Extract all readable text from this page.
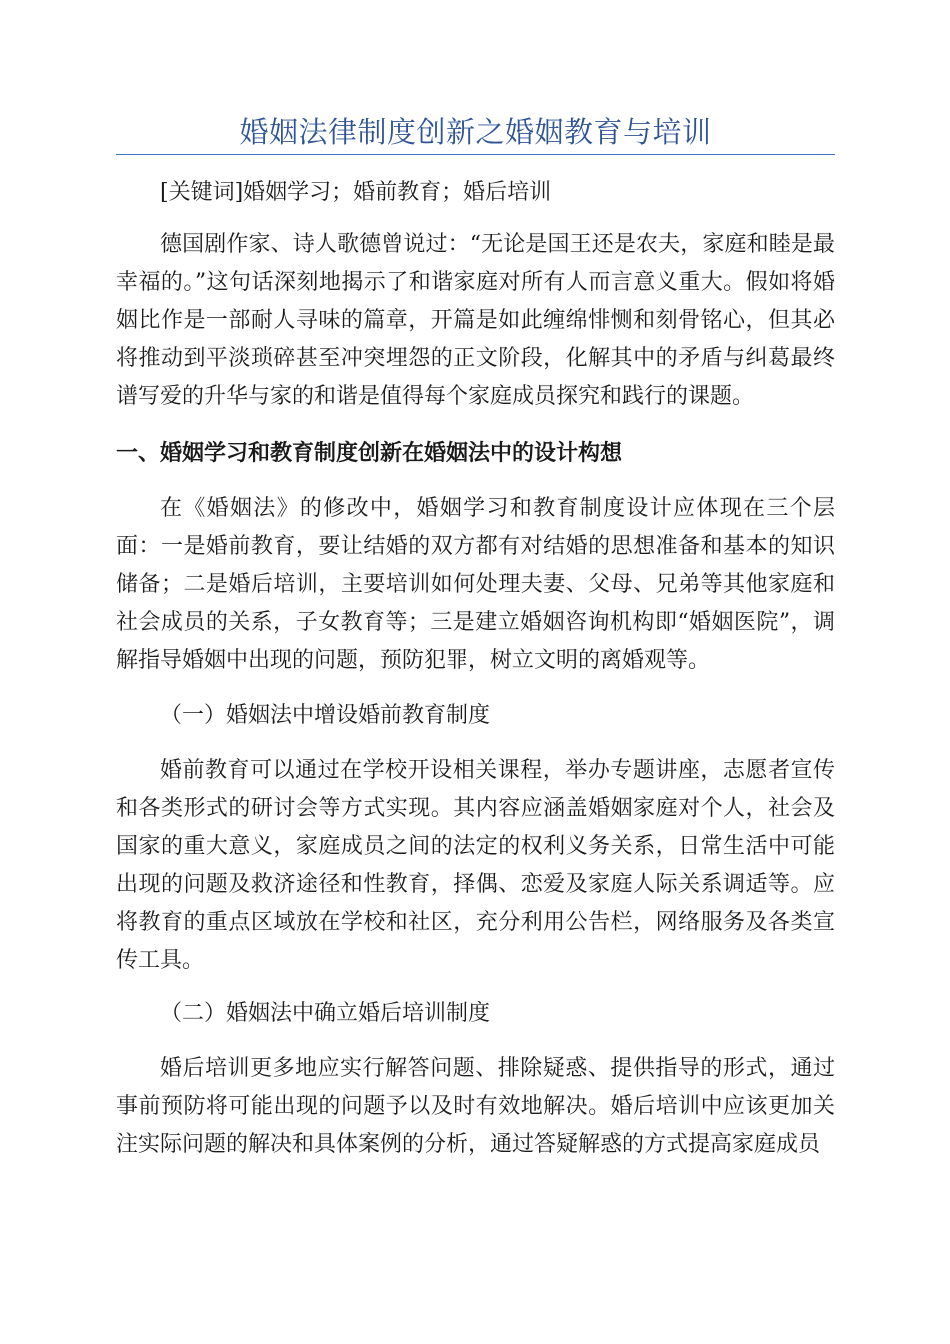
婚姻法律制度创新之婚姻教育与培训
[关键词]婚姻学习；婚前教育；婚后培训
德国剧作家、诗人歌德曾说过：“无论是国王还是农夫，家庭和睦是最幸福的。”这句话深刻地揭示了和谐家庭对所有人而言意义重大。假如将婚姻比作是一部耐人寻味的篇章，开篇是如此缠绵悱恻和刻骨铭心，但其必将推动到平淡琐碎甚至冲突埋怨的正文阶段，化解其中的矛盾与纠葛最终谱写爱的升华与家的和谐是值得每个家庭成员探究和践行的课题。
一、婚姻学习和教育制度创新在婚姻法中的设计构想
在《婚姻法》的修改中，婚姻学习和教育制度设计应体现在三个层面：一是婚前教育，要让结婚的双方都有对结婚的思想准备和基本的知识储备；二是婚后培训，主要培训如何处理夫妻、父母、兄弟等其他家庭和社会成员的关系，子女教育等；三是建立婚姻咨询机构即“婚姻医院”，调解指导婚姻中出现的问题，预防犯罪，树立文明的离婚观等。
（一）婚姻法中增设婚前教育制度
婚前教育可以通过在学校开设相关课程，举办专题讲座，志愿者宣传和各类形式的研讨会等方式实现。其内容应涵盖婚姻家庭对个人，社会及国家的重大意义，家庭成员之间的法定的权利义务关系，日常生活中可能出现的问题及救济途径和性教育，择偶、恋爱及家庭人际关系调适等。应将教育的重点区域放在学校和社区，充分利用公告栏，网络服务及各类宣传工具。
（二）婚姻法中确立婚后培训制度
婚后培训更多地应实行解答问题、排除疑惑、提供指导的形式，通过事前预防将可能出现的问题予以及时有效地解决。婚后培训中应该更加关注实际问题的解决和具体案例的分析，通过答疑解惑的方式提高家庭成员
